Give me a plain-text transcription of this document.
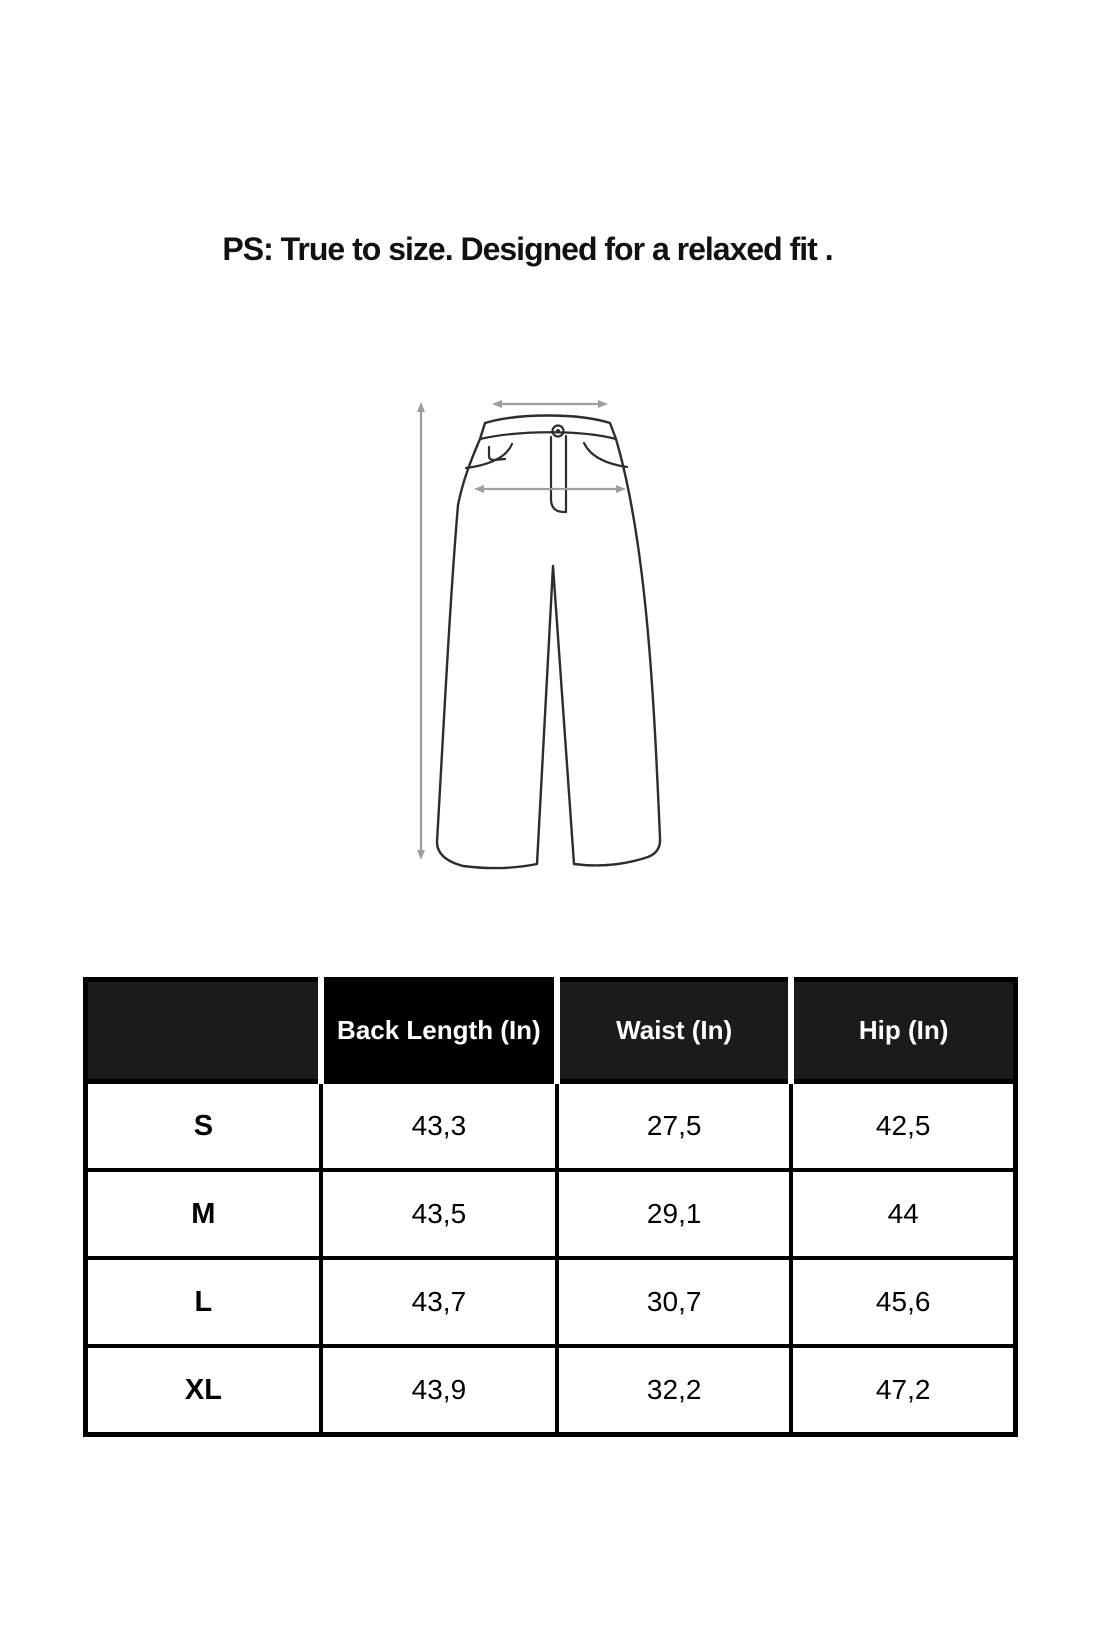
PS: True to size. Designed for a relaxed fit .
	Back Length (In)	Waist (In)	Hip (In)
S	43,3	27,5	42,5
M	43,5	29,1	44
L	43,7	30,7	45,6
XL	43,9	32,2	47,2
